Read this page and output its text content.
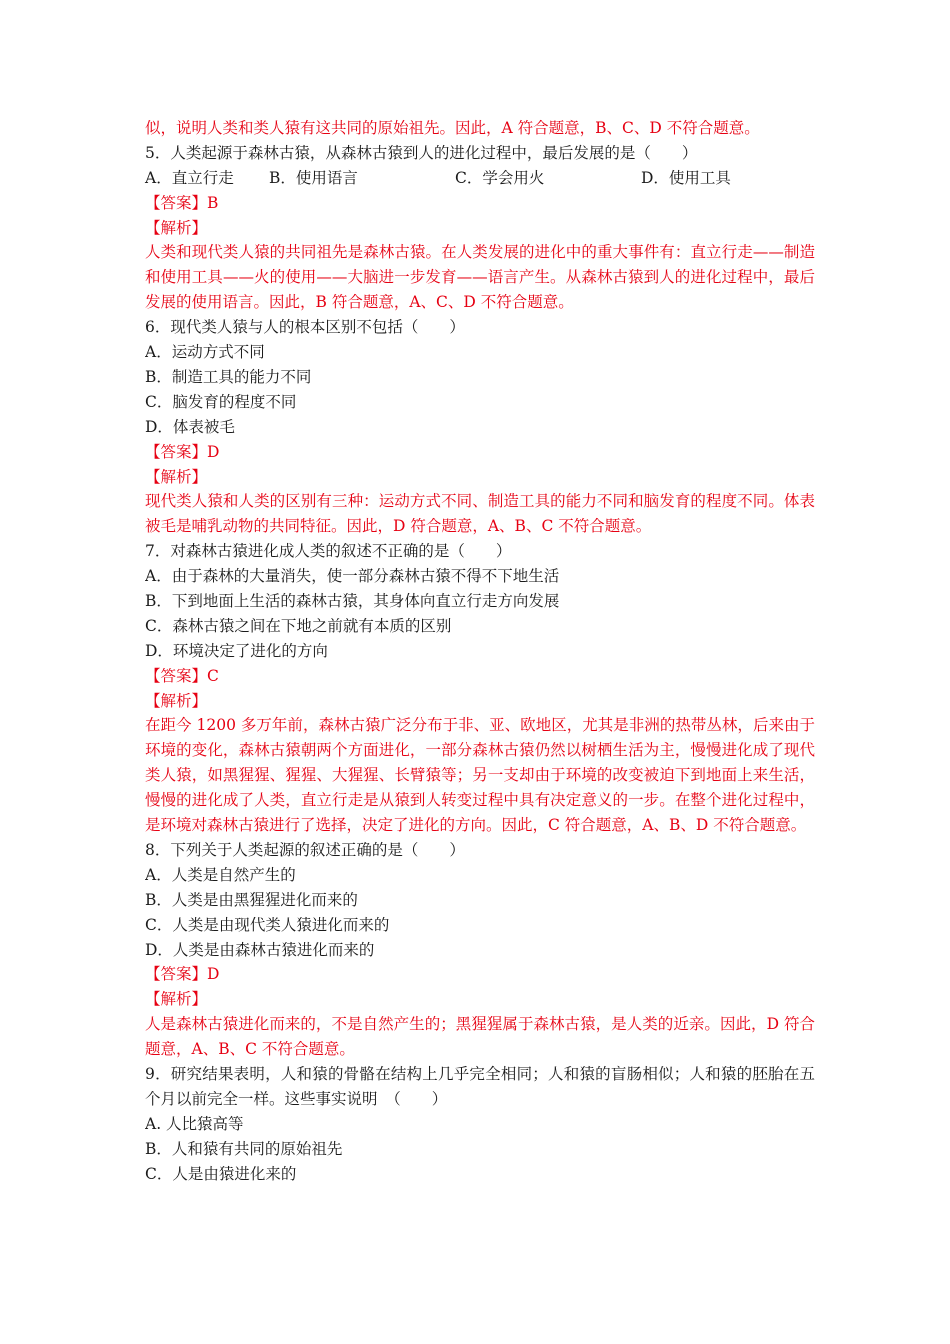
似，说明人类和类人猿有这共同的原始祖先。因此，A 符合题意，B、C、D 不符合题意。
5．人类起源于森林古猿，从森林古猿到人的进化过程中，最后发展的是（　　）
A．直立行走	B．使用语言	C．学会用火	D．使用工具
【答案】B
【解析】
人类和现代类人猿的共同祖先是森林古猿。在人类发展的进化中的重大事件有：直立行走——制造和使用工具——火的使用——大脑进一步发育——语言产生。从森林古猿到人的进化过程中，最后发展的使用语言。因此，B 符合题意，A、C、D 不符合题意。
6．现代类人猿与人的根本区别不包括（　　）
A．运动方式不同
B．制造工具的能力不同
C．脑发育的程度不同
D．体表被毛
【答案】D
【解析】
现代类人猿和人类的区别有三种：运动方式不同、制造工具的能力不同和脑发育的程度不同。体表被毛是哺乳动物的共同特征。因此，D 符合题意，A、B、C 不符合题意。
7．对森林古猿进化成人类的叙述不正确的是（　　）
A．由于森林的大量消失，使一部分森林古猿不得不下地生活
B．下到地面上生活的森林古猿，其身体向直立行走方向发展
C．森林古猿之间在下地之前就有本质的区别
D．环境决定了进化的方向
【答案】C
【解析】
在距今 1200 多万年前，森林古猿广泛分布于非、亚、欧地区，尤其是非洲的热带丛林，后来由于环境的变化，森林古猿朝两个方面进化，一部分森林古猿仍然以树栖生活为主，慢慢进化成了现代类人猿，如黑猩猩、猩猩、大猩猩、长臂猿等；另一支却由于环境的改变被迫下到地面上来生活，慢慢的进化成了人类，直立行走是从猿到人转变过程中具有决定意义的一步。在整个进化过程中，是环境对森林古猿进行了选择，决定了进化的方向。因此，C 符合题意，A、B、D 不符合题意。
8．下列关于人类起源的叙述正确的是（　　）
A．人类是自然产生的
B．人类是由黑猩猩进化而来的
C．人类是由现代类人猿进化而来的
D．人类是由森林古猿进化而来的
【答案】D
【解析】
人是森林古猿进化而来的，不是自然产生的；黑猩猩属于森林古猿，是人类的近亲。因此，D 符合题意，A、B、C 不符合题意。
9．研究结果表明，人和猿的骨骼在结构上几乎完全相同；人和猿的盲肠相似；人和猿的胚胎在五个月以前完全一样。这些事实说明　（　　）
A. 人比猿高等
B．人和猿有共同的原始祖先
C．人是由猿进化来的
